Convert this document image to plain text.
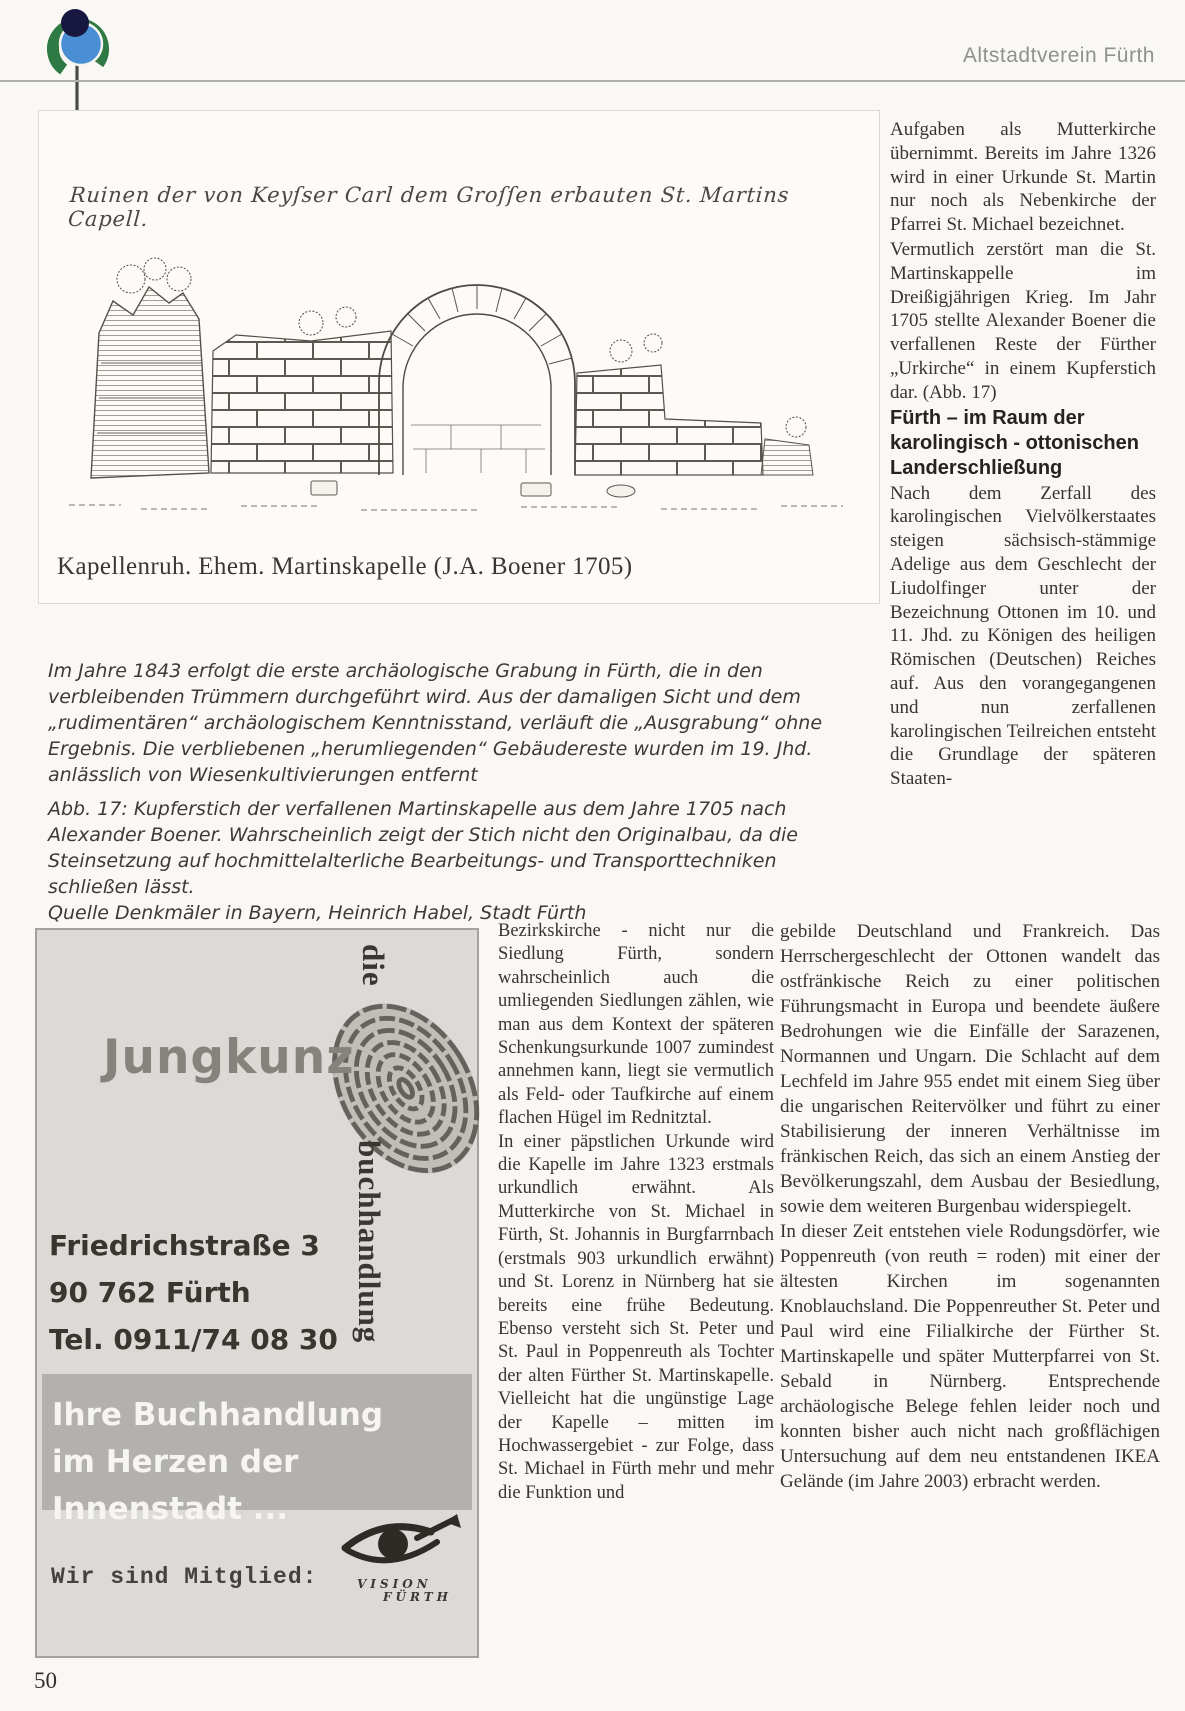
Altstadtverein Fürth
Ruinen der von Keyſser Carl dem Groſſen erbauten St. Martins Capell.
Kapellenruh. Ehem. Martinskapelle (J.A. Boener 1705)
Im Jahre 1843 erfolgt die erste archäologische Grabung in Fürth, die in den verbleibenden Trümmern durchgeführt wird. Aus der damaligen Sicht und dem „rudimentären“ archäologischem Kenntnisstand, verläuft die „Ausgrabung“ ohne Ergebnis. Die verbliebenen „herumliegenden“ Gebäudereste wurden im 19. Jhd. anlässlich von Wiesenkultivierungen entfernt
Abb. 17: Kupferstich der verfallenen Martinskapelle aus dem Jahre 1705 nach Alexander Boener. Wahrscheinlich zeigt der Stich nicht den Originalbau, da die Steinsetzung auf hochmittelalterliche Bearbeitungs- und Transporttechniken schließen lässt.
Quelle Denkmäler in Bayern, Heinrich Habel, Stadt Fürth

Aufgaben als Mutterkirche übernimmt. Bereits im Jahre 1326 wird in einer Urkunde St. Martin nur noch als Nebenkirche der Pfarrei St. Michael bezeichnet.

Vermutlich zerstört man die St. Martinskappelle im Dreißigjährigen Krieg. Im Jahr 1705 stellte Alexander Boener die verfallenen Reste der Fürther „Urkirche“ in einem Kupferstich dar. (Abb. 17)

Fürth – im Raum der karolingisch - ottonischen Landerschließung

Nach dem Zerfall des karolingischen Vielvölkerstaates steigen sächsisch-stämmige Adelige aus dem Geschlecht der Liudolfinger unter der Bezeichnung Ottonen im 10. und 11. Jhd. zu Königen des heiligen Römischen (Deutschen) Reiches auf. Aus den vorangegangenen und nun zerfallenen karolingischen Teilreichen entsteht die Grundlage der späteren Staaten-

Bezirkskirche - nicht nur die Siedlung Fürth, sondern wahrscheinlich auch die umliegenden Siedlungen zählen, wie man aus dem Kontext der späteren Schenkungsurkunde 1007 zumindest annehmen kann, liegt sie vermutlich als Feld- oder Taufkirche auf einem flachen Hügel im Rednitztal.

In einer päpstlichen Urkunde wird die Kapelle im Jahre 1323 erstmals urkundlich erwähnt. Als Mutterkirche von St. Michael in Fürth, St. Johannis in Burgfarrnbach (erstmals 903 urkundlich erwähnt) und St. Lorenz in Nürnberg hat sie bereits eine frühe Bedeutung. Ebenso versteht sich St. Peter und St. Paul in Poppenreuth als Tochter der alten Fürther St. Martinskapelle. Vielleicht hat die ungünstige Lage der Kapelle – mitten im Hochwassergebiet - zur Folge, dass St. Michael in Fürth mehr und mehr die Funktion und

gebilde Deutschland und Frankreich. Das Herrschergeschlecht der Ottonen wandelt das ostfränkische Reich zu einer politischen Führungsmacht in Europa und beendete äußere Bedrohungen wie die Einfälle der Sarazenen, Normannen und Ungarn. Die Schlacht auf dem Lechfeld im Jahre 955 endet mit einem Sieg über die ungarischen Reitervölker und führt zu einer Stabilisierung der inneren Verhältnisse im fränkischen Reich, das sich an einem Anstieg der Bevölkerungszahl, dem Ausbau der Besiedlung, sowie dem weiteren Burgenbau widerspiegelt.

In dieser Zeit entstehen viele Rodungsdörfer, wie Poppenreuth (von reuth = roden) mit einer der ältesten Kirchen im sogenannten Knoblauchsland. Die Poppenreuther St. Peter und Paul wird eine Filialkirche der Fürther St. Martinskapelle und später Mutterpfarrei von St. Sebald in Nürnberg. Entsprechende archäologische Belege fehlen leider noch und konnten bisher auch nicht nach großflächigen Untersuchung auf dem neu entstandenen IKEA Gelände (im Jahre 2003) erbracht werden.

die
Jungkunz
buchhandlung
Friedrichstraße 3
90 762 Fürth
Tel. 0911/74 08 30
Ihre Buchhandlung
im Herzen der Innenstadt ...
Wir sind Mitglied:	VISION
FÜRTH
50
